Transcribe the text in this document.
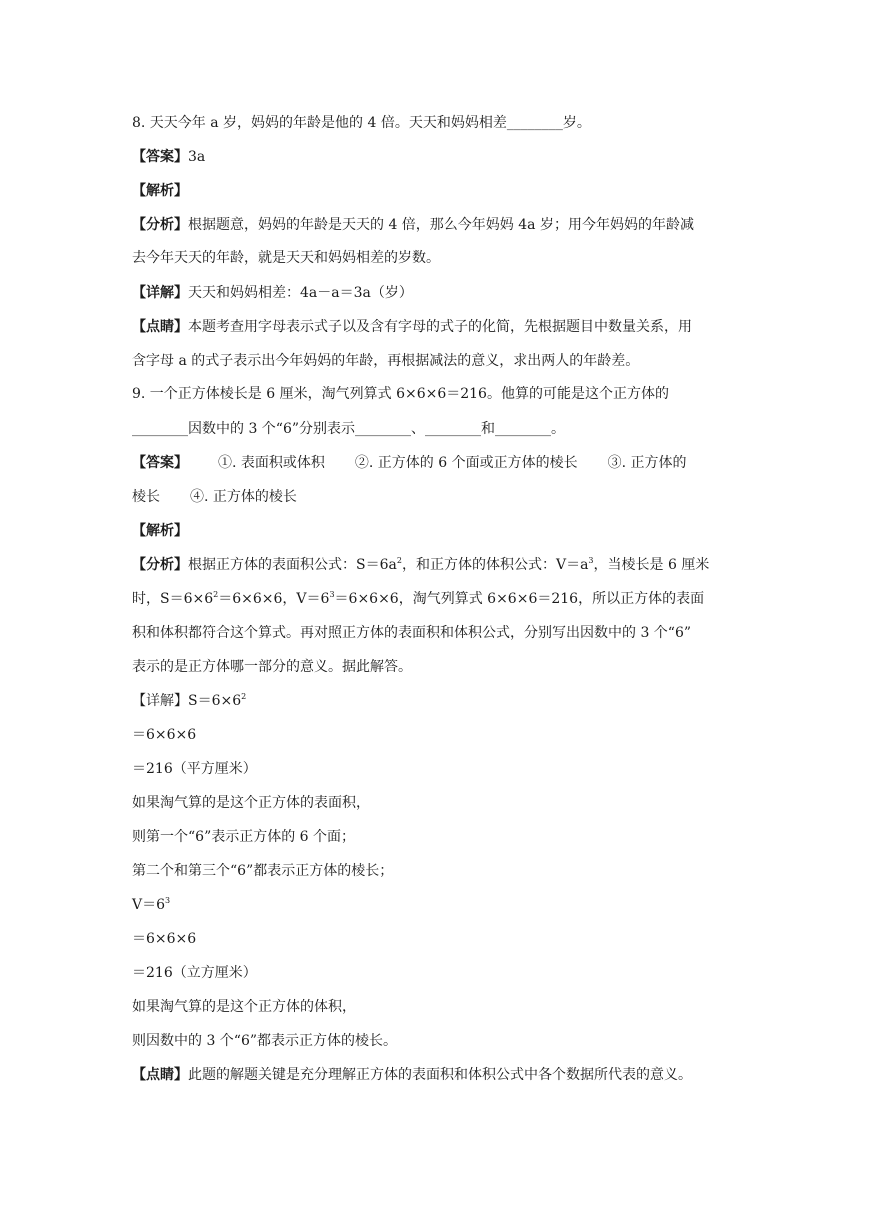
8. 天天今年 a 岁，妈妈的年龄是他的 4 倍。天天和妈妈相差________岁。
【答案】3a
【解析】
【分析】根据题意，妈妈的年龄是天天的 4 倍，那么今年妈妈 4a 岁；用今年妈妈的年龄减
去今年天天的年龄，就是天天和妈妈相差的岁数。
【详解】天天和妈妈相差：4a－a＝3a（岁）
【点睛】本题考查用字母表示式子以及含有字母的式子的化简，先根据题目中数量关系，用
含字母 a 的式子表示出今年妈妈的年龄，再根据减法的意义，求出两人的年龄差。
9. 一个正方体棱长是 6 厘米，淘气列算式 6×6×6＝216。他算的可能是这个正方体的
________因数中的 3 个“6”分别表示________、________和________。
【答案】 ①. 表面积或体积 ②. 正方体的 6 个面或正方体的棱长 ③. 正方体的
棱长 ④. 正方体的棱长
【解析】
【分析】根据正方体的表面积公式：$S=6a^2$，和正方体的体积公式：$V=a^3$，当棱长是 6 厘米
时，$S=6\times 6^2=6\times 6\times 6$，$V=6^3=6\times 6\times 6$，淘气列算式 6×6×6＝216，所以正方体的表面
积和体积都符合这个算式。再对照正方体的表面积和体积公式，分别写出因数中的 3 个“6”
表示的是正方体哪一部分的意义。据此解答。
【详解】$S=6\times 6^2$
＝6×6×6
＝216（平方厘米）
如果淘气算的是这个正方体的表面积，
则第一个“6”表示正方体的 6 个面；
第二个和第三个“6”都表示正方体的棱长；
$V=6^3$
＝6×6×6
＝216（立方厘米）
如果淘气算的是这个正方体的体积，
则因数中的 3 个“6”都表示正方体的棱长。
【点睛】此题的解题关键是充分理解正方体的表面积和体积公式中各个数据所代表的意义。
